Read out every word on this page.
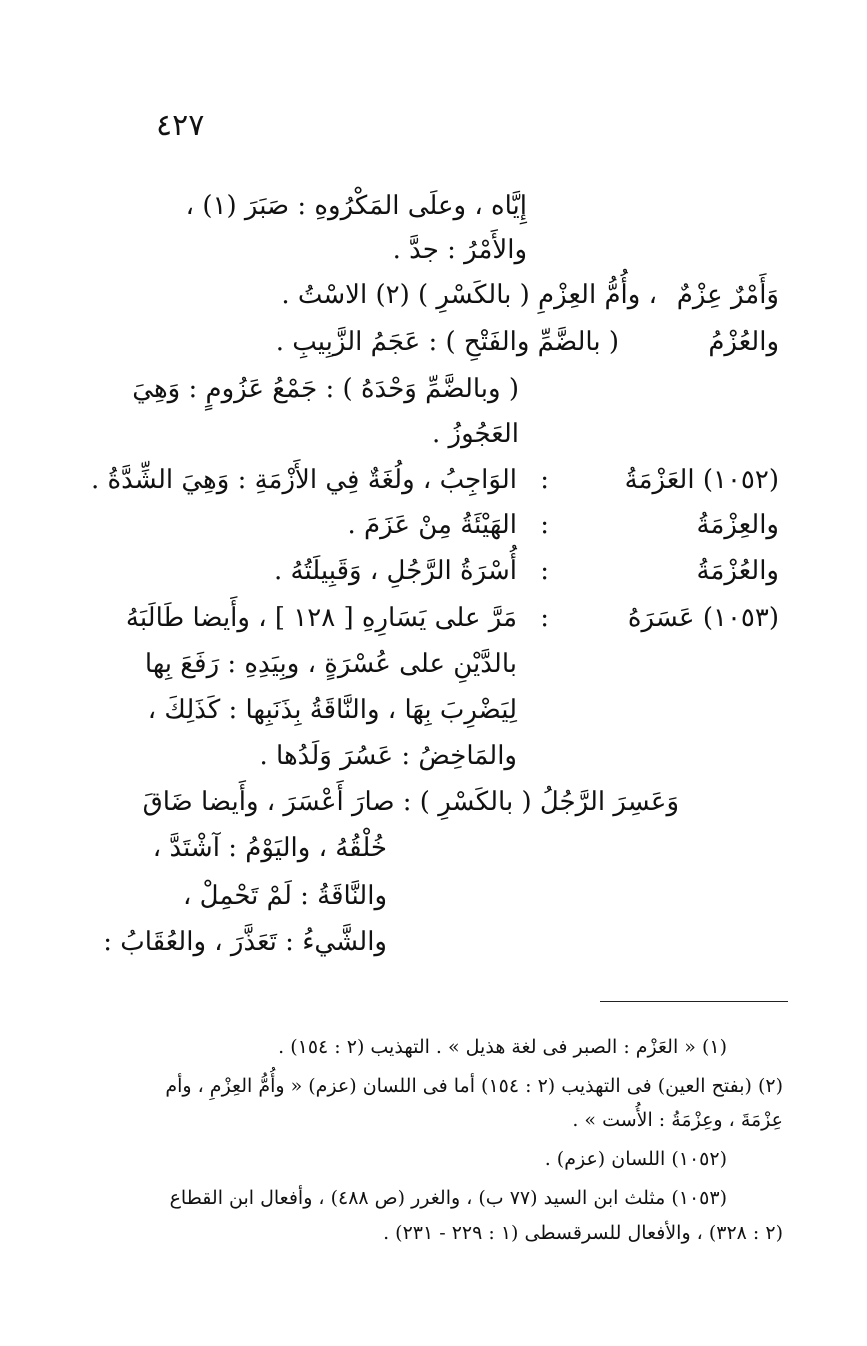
٤٢٧
إِيَّاه ، وعلَى المَكْرُوهِ : صَبَرَ (١) ،
والأَمْرُ : جدَّ .
وَأَمْرٌ عِزْمٌ
، وأُمُّ العِزْمِ ( بالكَسْرِ ) (٢) الاسْتُ .
والعُزْمُ
( بالضَّمِّ والفَتْحِ ) : عَجَمُ الزَّبِيبِ .
( وبالضَّمِّ وَحْدَهُ ) : جَمْعُ عَزُومٍ : وَهِيَ
العَجُوزُ .
(١٠٥٢) العَزْمَةُ
:
الوَاجِبُ ، ولُغَةٌ فِي الأَزْمَةِ : وَهِيَ الشِّدَّةُ .
والعِزْمَةُ
:
الهَيْئَةُ مِنْ عَزَمَ .
والعُزْمَةُ
:
أُسْرَةُ الرَّجُلِ ، وَقَبِيلَتُهُ .
(١٠٥٣) عَسَرَهُ
:
مَرَّ على يَسَارِهِ [ ١٢٨ ] ، وأَيضا طَالَبَهُ
بالدَّيْنِ على عُسْرَةٍ ، وبِيَدِهِ : رَفَعَ بِها
لِيَضْرِبَ بِهَا ، والنَّاقَةُ بِذَنَبِها : كَذَلِكَ ،
والمَاخِضُ : عَسُرَ وَلَدُها .
وَعَسِرَ الرَّجُلُ ( بالكَسْرِ ) : صارَ أَعْسَرَ ، وأَيضا ضَاقَ
خُلْقُهُ ، واليَوْمُ : آشْتَدَّ ،
والنَّاقَةُ : لَمْ تَحْمِلْ ،
والشَّيءُ : تَعَذَّرَ ، والعُقَابُ :
(١) « العَزْم : الصبر فى لغة هذيل » . التهذيب (٢ : ١٥٤) .
(٢) (بفتح العين) فى التهذيب (٢ : ١٥٤) أما فى اللسان (عزم) « وأُمُّ العِزْمِ ، وأم
عِزْمَةَ ، وعِزْمَةُ : الأُست » .
(١٠٥٢) اللسان (عزم) .
(١٠٥٣) مثلث ابن السيد (٧٧ ب) ، والغرر (ص ٤٨٨) ، وأفعال ابن القطاع
(٢ : ٣٢٨) ، والأفعال للسرقسطى (١ : ٢٢٩ - ٢٣١) .
